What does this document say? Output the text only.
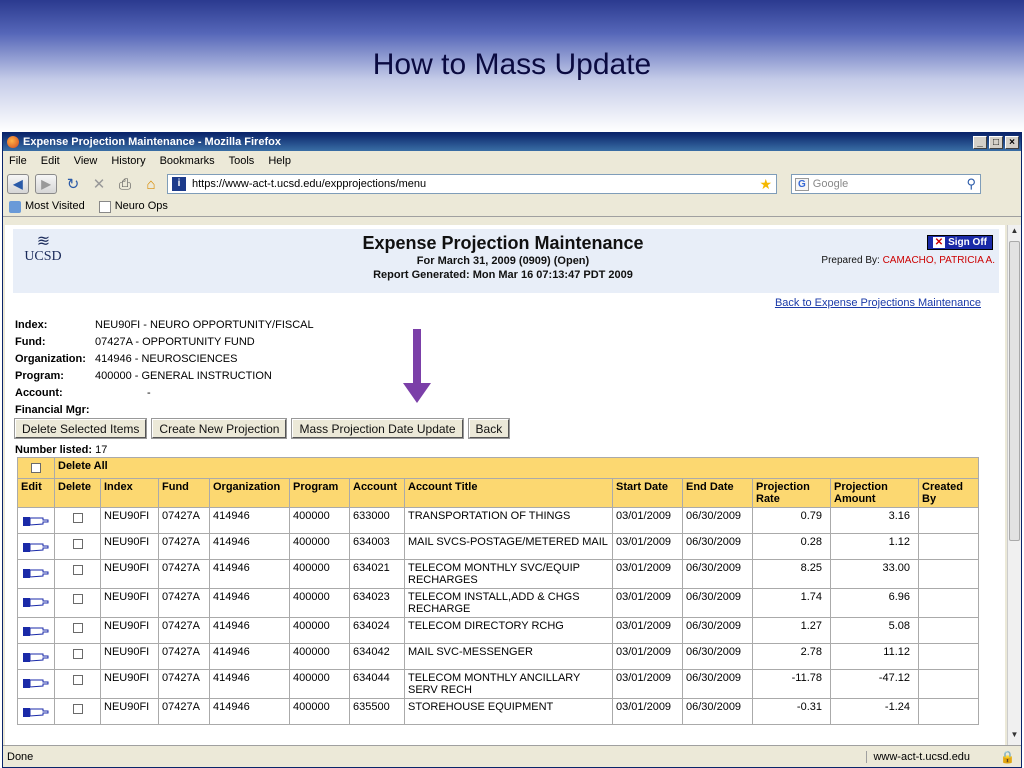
How to Mass Update
Expense Projection Maintenance - Mozilla Firefox	_	□	×
File Edit View History Bookmarks Tools Help
◀	▶	↻ ✕ ⎙	⌂	i	https://www-act-t.ucsd.edu/expprojections/menu	★	G Google	⚲
Most Visited	Neuro Ops
≋
UCSD
Expense Projection Maintenance
For March 31, 2009 (0909) (Open)
Report Generated: Mon Mar 16 07:13:47 PDT 2009
✕ Sign Off
Prepared By: CAMACHO, PATRICIA A.
Back to Expense Projections Maintenance
Index:	NEU90FI - NEURO OPPORTUNITY/FISCAL
Fund:	07427A - OPPORTUNITY FUND
Organization: 414946 - NEUROSCIENCES
Program:	400000 - GENERAL INSTRUCTION
Account:	-
Financial Mgr:
Delete Selected Items	Create New Projection	Mass Projection Date Update	Back
Number listed: 17
	Delete All											
Edit	Delete	Index	Fund	Organization	Program	Account	Account Title	Start Date	End Date	Projection Rate	Projection Amount	Created By
		NEU90FI	07427A	414946	400000	633000	TRANSPORTATION OF THINGS	03/01/2009	06/30/2009	0.79	3.16	
		NEU90FI	07427A	414946	400000	634003	MAIL SVCS-POSTAGE/METERED MAIL	03/01/2009	06/30/2009	0.28	1.12	
		NEU90FI	07427A	414946	400000	634021	TELECOM MONTHLY SVC/EQUIP RECHARGES	03/01/2009	06/30/2009	8.25	33.00	
		NEU90FI	07427A	414946	400000	634023	TELECOM INSTALL,ADD & CHGS RECHARGE	03/01/2009	06/30/2009	1.74	6.96	
		NEU90FI	07427A	414946	400000	634024	TELECOM DIRECTORY RCHG	03/01/2009	06/30/2009	1.27	5.08	
		NEU90FI	07427A	414946	400000	634042	MAIL SVC-MESSENGER	03/01/2009	06/30/2009	2.78	11.12	
		NEU90FI	07427A	414946	400000	634044	TELECOM MONTHLY ANCILLARY SERV RECH	03/01/2009	06/30/2009	-11.78	-47.12	
		NEU90FI	07427A	414946	400000	635500	STOREHOUSE EQUIPMENT	03/01/2009	06/30/2009	-0.31	-1.24	
▲
▼
Done	www-act-t.ucsd.edu	🔒
